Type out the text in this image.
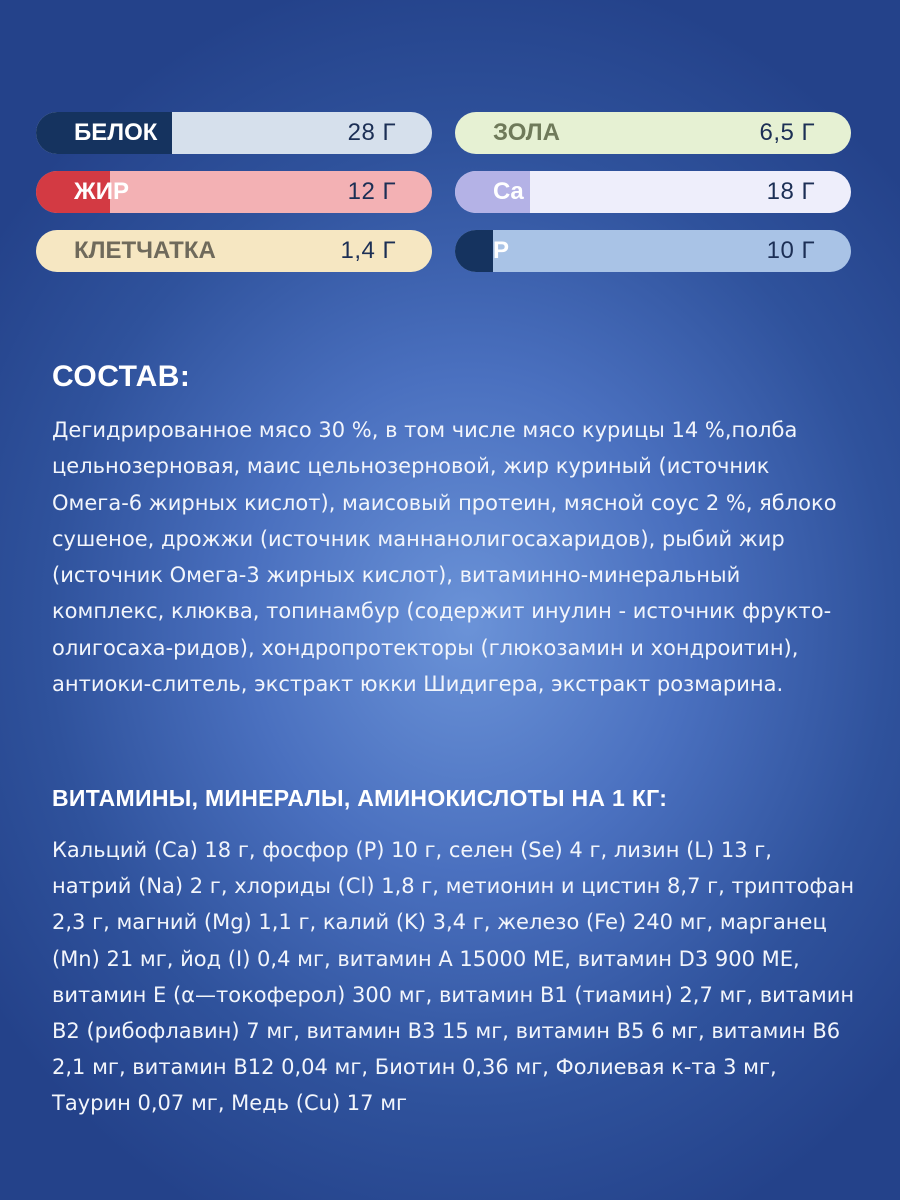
БЕЛОК	28 Г
ЖИР	12 Г
КЛЕТЧАТКА	1,4 Г
ЗОЛА	6,5 Г
Ca	18 Г
P	10 Г
СОСТАВ:

Дегидрированное мясо 30 %, в том числе мясо курицы 14 %,полба цельнозерновая, маис цельнозерновой, жир куриный (источник Омега-6 жирных кислот), маисовый протеин, мясной соус 2 %, яблоко сушеное, дрожжи (источник маннанолигосахаридов), рыбий жир (источник Омега-3 жирных кислот), витаминно-минеральный комплекс, клюква, топинамбур (содержит инулин - источник фрукто-олигосаха-ридов), хондропротекторы (глюкозамин и хондроитин), антиоки-слитель, экстракт юкки Шидигера, экстракт розмарина.

ВИТАМИНЫ, МИНЕРАЛЫ, АМИНОКИСЛОТЫ НА 1 КГ:

Кальций (Ca) 18 г, фосфор (P) 10 г, селен (Se) 4 г, лизин (L) 13 г, натрий (Na) 2 г, хлориды (Cl) 1,8 г, метионин и цистин 8,7 г, триптофан 2,3 г, магний (Mg) 1,1 г, калий (K) 3,4 г, железо (Fe) 240 мг, марганец (Mn) 21 мг, йод (I) 0,4 мг, витамин А 15000 МЕ, витамин D3 900 МЕ, витамин Е (α—токоферол) 300 мг, витамин В1 (тиамин) 2,7 мг, витамин В2 (рибофлавин) 7 мг, витамин В3 15 мг, витамин В5 6 мг, витамин В6 2,1 мг, витамин В12 0,04 мг, Биотин 0,36 мг, Фолиевая к-та 3 мг, Таурин 0,07 мг, Медь (Cu) 17 мг
